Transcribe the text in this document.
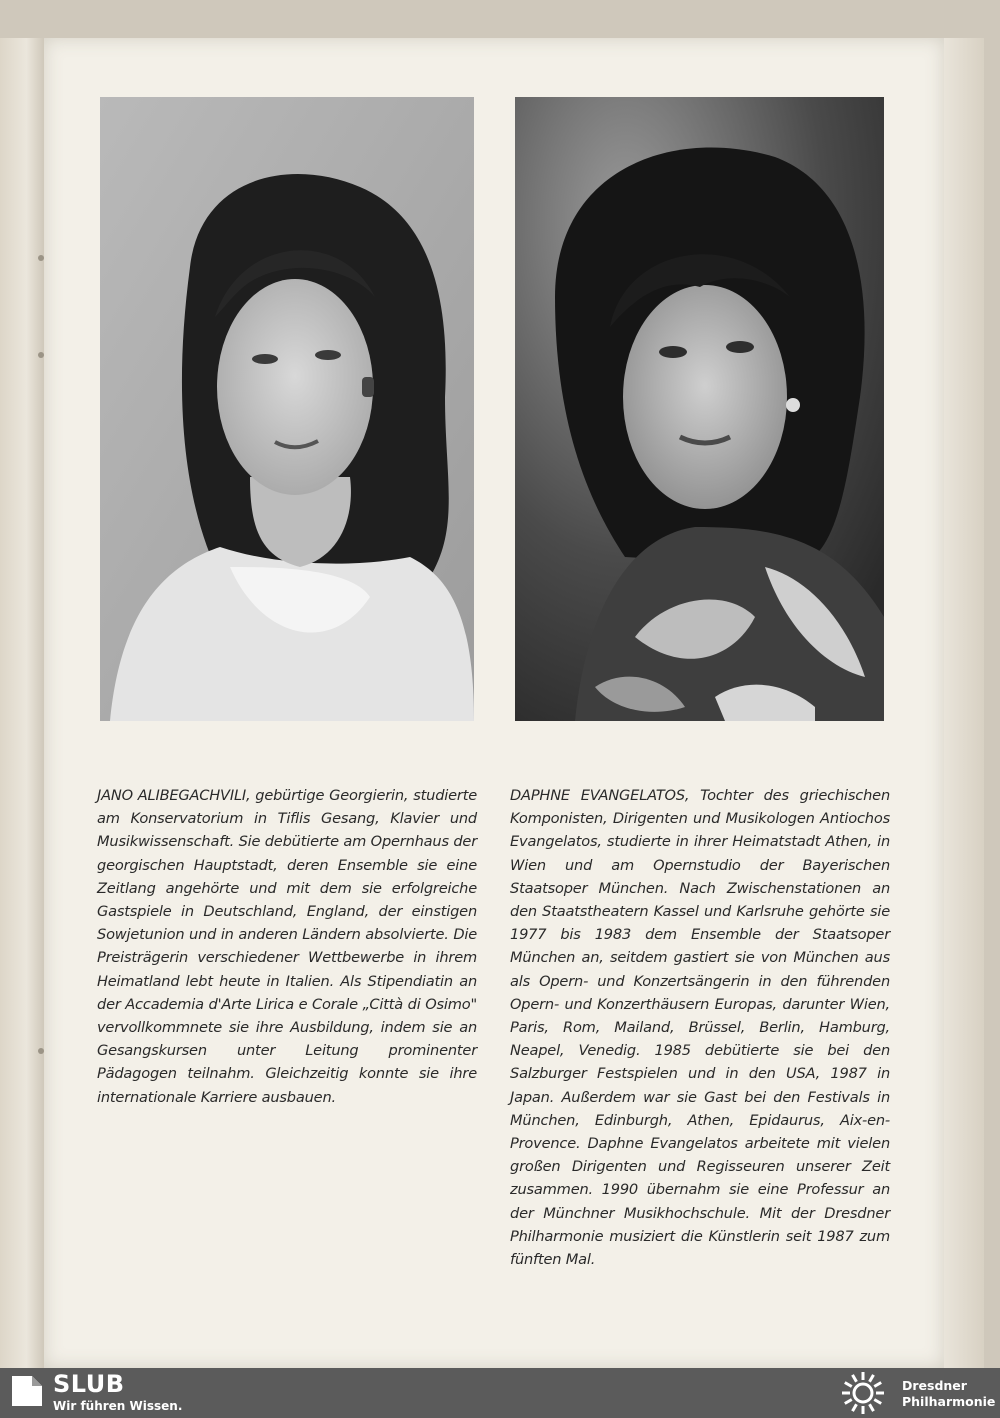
JANO ALIBEGACHVILI, gebürtige Georgierin, studierte am Konservatorium in Tiflis Gesang, Klavier und Musikwissenschaft. Sie debütierte am Opernhaus der georgischen Hauptstadt, deren Ensemble sie eine Zeitlang angehörte und mit dem sie erfolgreiche Gastspiele in Deutschland, England, der einstigen Sowjetunion und in anderen Ländern absolvierte. Die Preisträgerin verschiedener Wettbewerbe in ihrem Heimatland lebt heute in Italien. Als Stipendiatin an der Accademia d'Arte Lirica e Corale „Città di Osimo" vervollkommnete sie ihre Ausbildung, indem sie an Gesangskursen unter Leitung prominenter Pädagogen teilnahm. Gleichzeitig konnte sie ihre internationale Karriere ausbauen.

DAPHNE EVANGELATOS, Tochter des griechischen Komponisten, Dirigenten und Musikologen Antiochos Evangelatos, studierte in ihrer Heimatstadt Athen, in Wien und am Opernstudio der Bayerischen Staatsoper München. Nach Zwischenstationen an den Staatstheatern Kassel und Karlsruhe gehörte sie 1977 bis 1983 dem Ensemble der Staatsoper München an, seitdem gastiert sie von München aus als Opern- und Konzertsängerin in den führenden Opern- und Konzerthäusern Europas, darunter Wien, Paris, Rom, Mailand, Brüssel, Berlin, Hamburg, Neapel, Venedig. 1985 debütierte sie bei den Salzburger Festspielen und in den USA, 1987 in Japan. Außerdem war sie Gast bei den Festivals in München, Edinburgh, Athen, Epidaurus, Aix-en-Provence. Daphne Evangelatos arbeitete mit vielen großen Dirigenten und Regisseuren unserer Zeit zusammen. 1990 übernahm sie eine Professur an der Münchner Musikhochschule. Mit der Dresdner Philharmonie musiziert die Künstlerin seit 1987 zum fünften Mal.

SLUB
Wir führen Wissen.
Dresdner
Philharmonie
